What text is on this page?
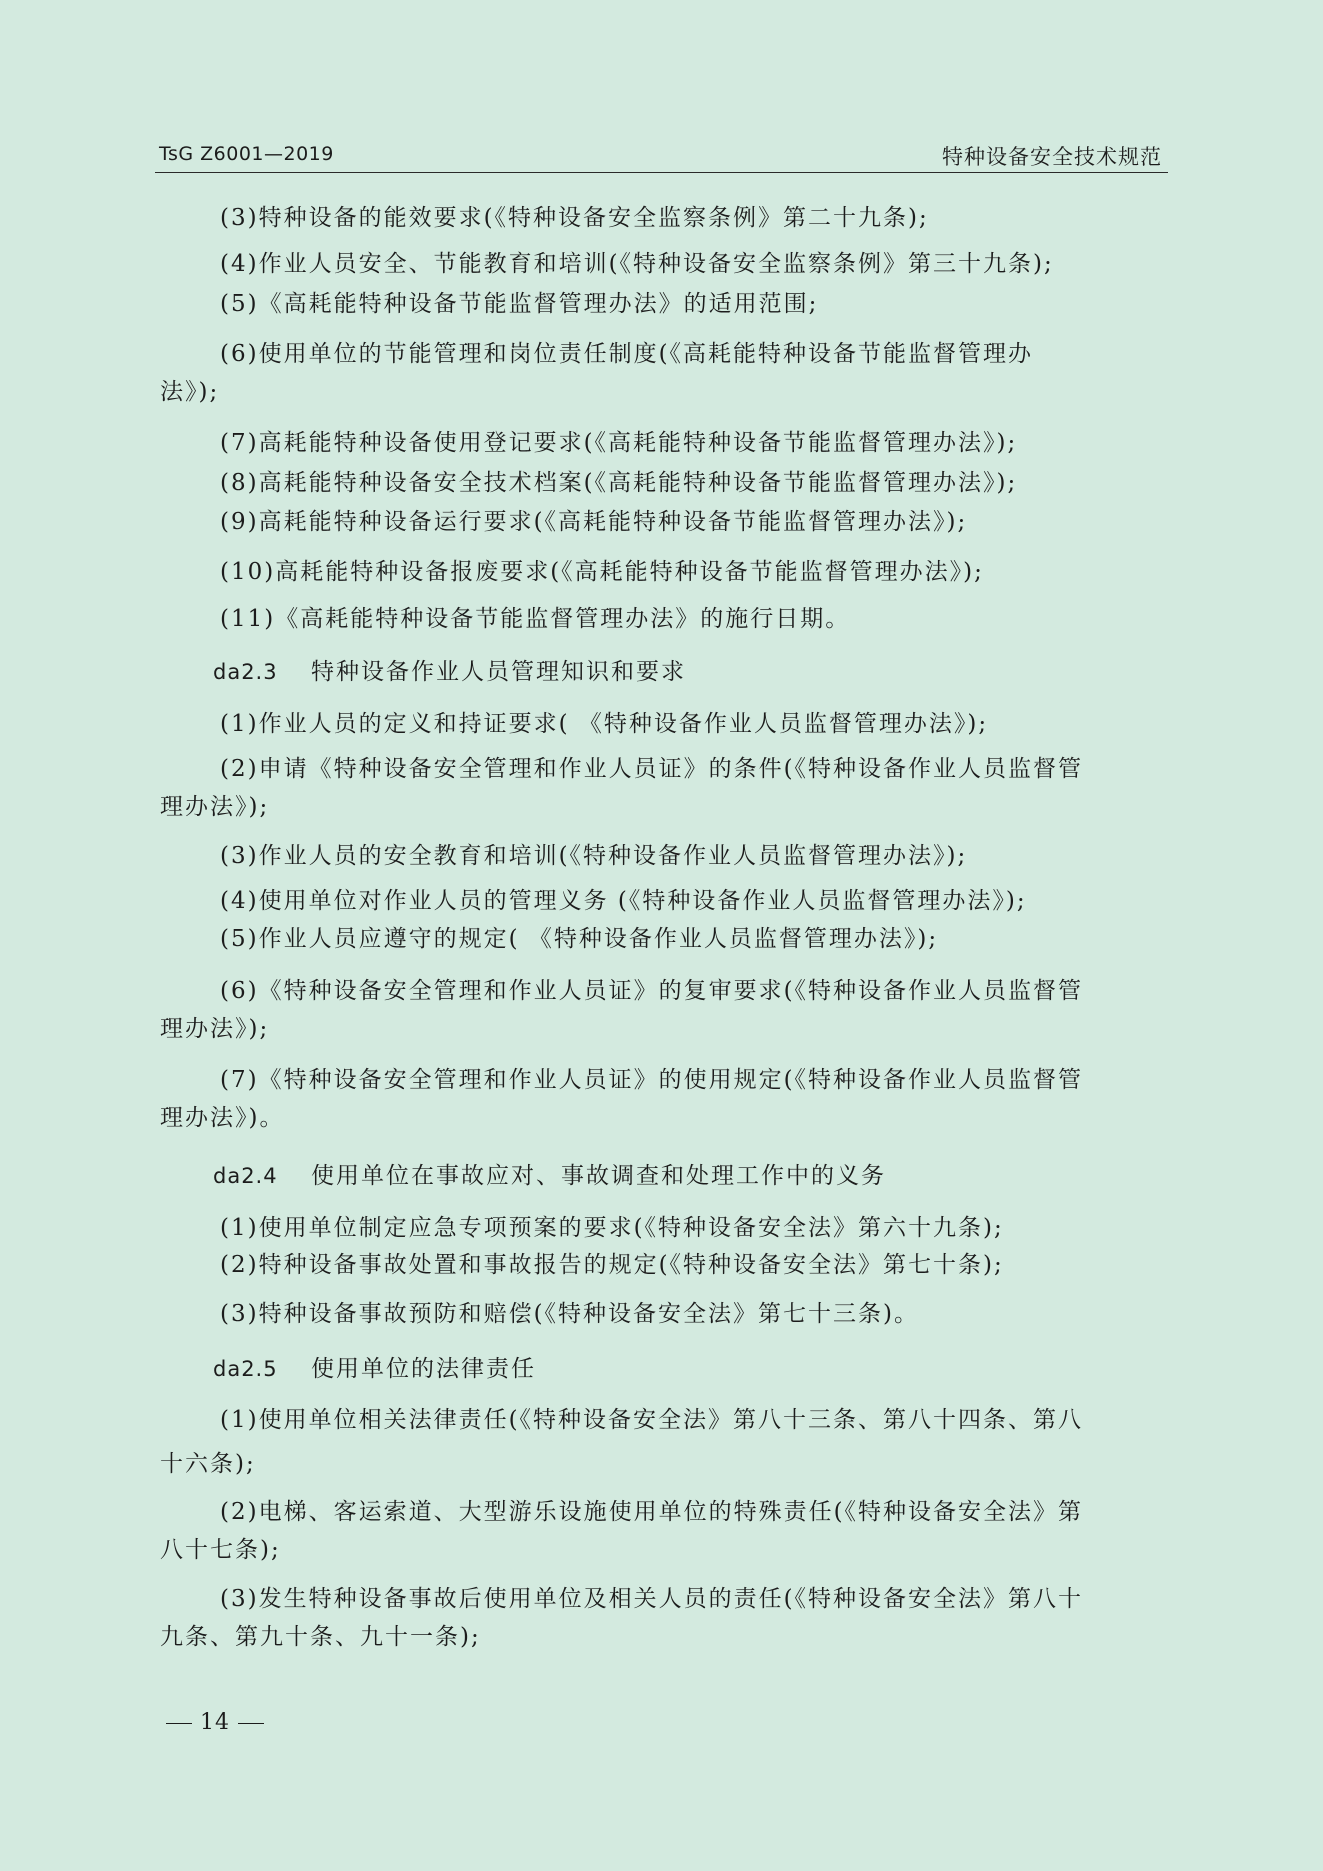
TsG Z6001—2019	特种设备安全技术规范
(3)特种设备的能效要求(《特种设备安全监察条例》第二十九条);
(4)作业人员安全、节能教育和培训(《特种设备安全监察条例》第三十九条);
(5)《高耗能特种设备节能监督管理办法》的适用范围;
(6)使用单位的节能管理和岗位责任制度(《高耗能特种设备节能监督管理办
法》);
(7)高耗能特种设备使用登记要求(《高耗能特种设备节能监督管理办法》);
(8)高耗能特种设备安全技术档案(《高耗能特种设备节能监督管理办法》);
(9)高耗能特种设备运行要求(《高耗能特种设备节能监督管理办法》);
(10)高耗能特种设备报废要求(《高耗能特种设备节能监督管理办法》);
(11)《高耗能特种设备节能监督管理办法》的施行日期。
da2.3 特种设备作业人员管理知识和要求
(1)作业人员的定义和持证要求( 《特种设备作业人员监督管理办法》);
(2)申请《特种设备安全管理和作业人员证》的条件(《特种设备作业人员监督管
理办法》);
(3)作业人员的安全教育和培训(《特种设备作业人员监督管理办法》);
(4)使用单位对作业人员的管理义务 (《特种设备作业人员监督管理办法》);
(5)作业人员应遵守的规定( 《特种设备作业人员监督管理办法》);
(6)《特种设备安全管理和作业人员证》的复审要求(《特种设备作业人员监督管
理办法》);
(7)《特种设备安全管理和作业人员证》的使用规定(《特种设备作业人员监督管
理办法》)。
da2.4 使用单位在事故应对、事故调查和处理工作中的义务
(1)使用单位制定应急专项预案的要求(《特种设备安全法》第六十九条);
(2)特种设备事故处置和事故报告的规定(《特种设备安全法》第七十条);
(3)特种设备事故预防和赔偿(《特种设备安全法》第七十三条)。
da2.5 使用单位的法律责任
(1)使用单位相关法律责任(《特种设备安全法》第八十三条、第八十四条、第八
十六条);
(2)电梯、客运索道、大型游乐设施使用单位的特殊责任(《特种设备安全法》第
八十七条);
(3)发生特种设备事故后使用单位及相关人员的责任(《特种设备安全法》第八十
九条、第九十条、九十一条);
14
